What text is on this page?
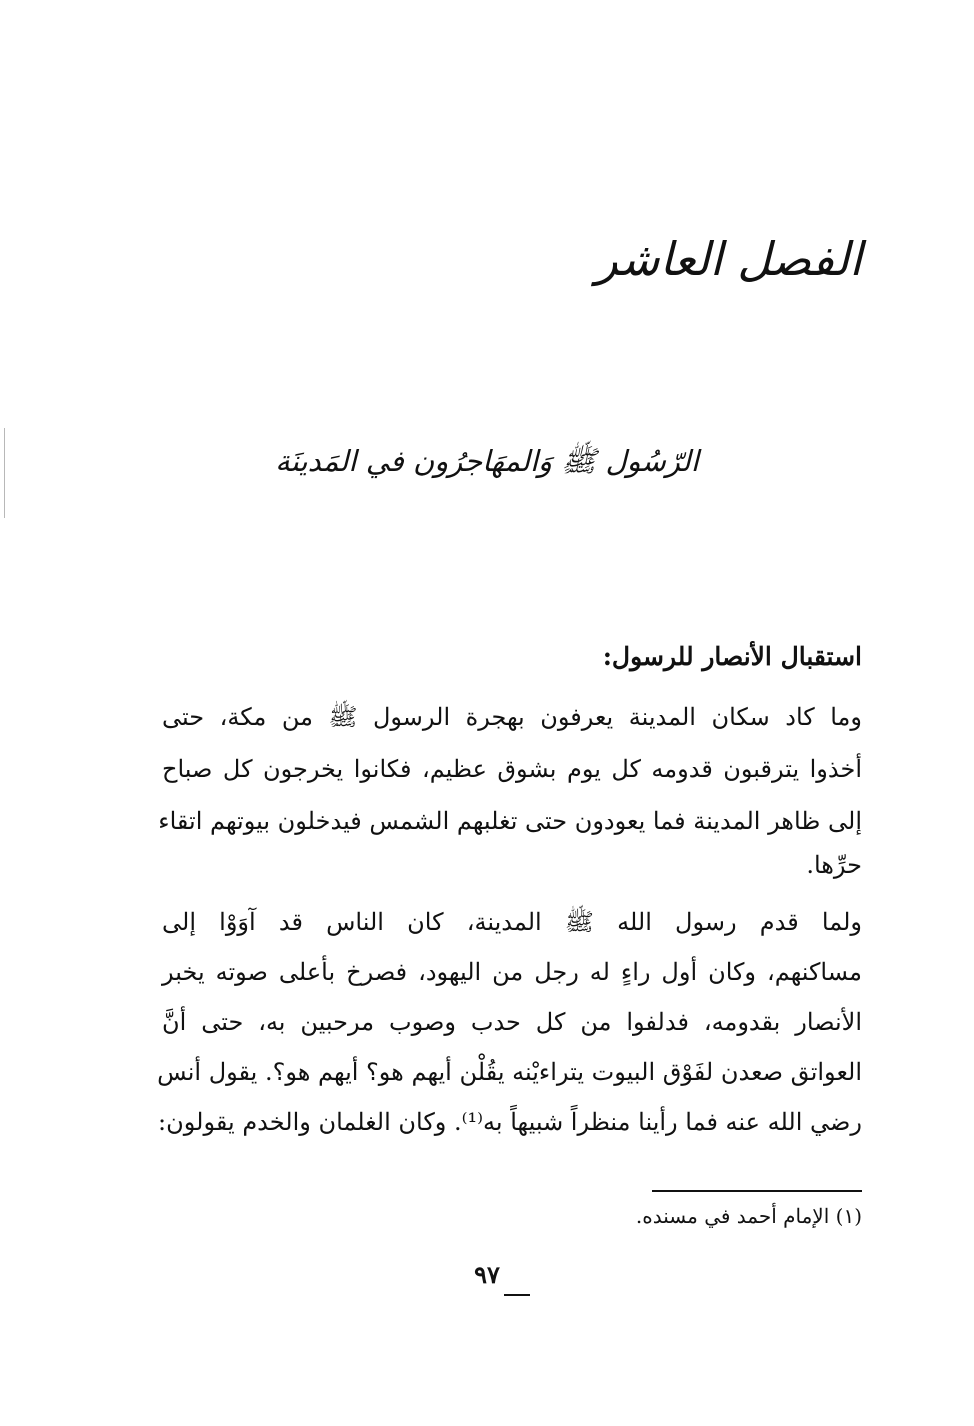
الفصل العاشر
الرّسُول ﷺ وَالمهَاجرُون في المَدينَة
استقبال الأنصار للرسول:

وما كاد سكان المدينة يعرفون بهجرة الرسول ﷺ من مكة، حتى

أخذوا يترقبون قدومه كل يوم بشوق عظيم، فكانوا يخرجون كل صباح

إلى ظاهر المدينة فما يعودون حتى تغلبهم الشمس فيدخلون بيوتهم اتقاء

حرِّها.

ولما قدم رسول الله ﷺ المدينة، كان الناس قد آوَوْا إلى

مساكنهم، وكان أول راءٍ له رجل من اليهود، فصرخ بأعلى صوته يخبر

الأنصار بقدومه، فدلفوا من كل حدب وصوب مرحبين به، حتى أنَّ

العواتق صعدن لفَوْق البيوت يتراءيْنه يقُلْن أيهم هو؟ أيهم هو؟. يقول أنس

رضي الله عنه فما رأينا منظراً شبيهاً به⁽¹⁾. وكان الغلمان والخدم يقولون:

(١) الإمام أحمد في مسنده.

٩٧
